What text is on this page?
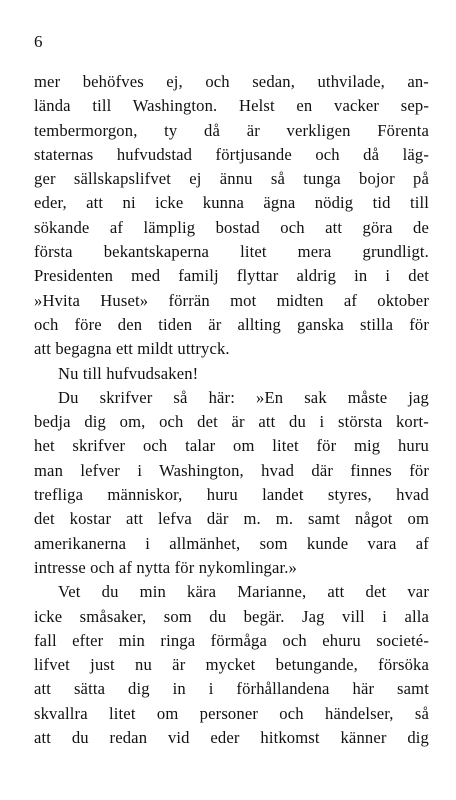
6
mer behöfves ej, och sedan, uthvilade, an-
lända till Washington. Helst en vacker sep-
tembermorgon, ty då är verkligen Förenta
staternas hufvudstad förtjusande och då läg-
ger sällskapslifvet ej ännu så tunga bojor på
eder, att ni icke kunna ägna nödig tid till
sökande af lämplig bostad och att göra de
första bekantskaperna litet mera grundligt.
Presidenten med familj flyttar aldrig in i det
»Hvita Huset» förrän mot midten af oktober
och före den tiden är allting ganska stilla för
att begagna ett mildt uttryck.
Nu till hufvudsaken!
Du skrifver så här: »En sak måste jag
bedja dig om, och det är att du i största kort-
het skrifver och talar om litet för mig huru
man lefver i Washington, hvad där finnes för
trefliga människor, huru landet styres, hvad
det kostar att lefva där m. m. samt något om
amerikanerna i allmänhet, som kunde vara af
intresse och af nytta för nykomlingar.»
Vet du min kära Marianne, att det var
icke småsaker, som du begär. Jag vill i alla
fall efter min ringa förmåga och ehuru societé-
lifvet just nu är mycket betungande, försöka
att sätta dig in i förhållandena här samt
skvallra litet om personer och händelser, så
att du redan vid eder hitkomst känner dig
